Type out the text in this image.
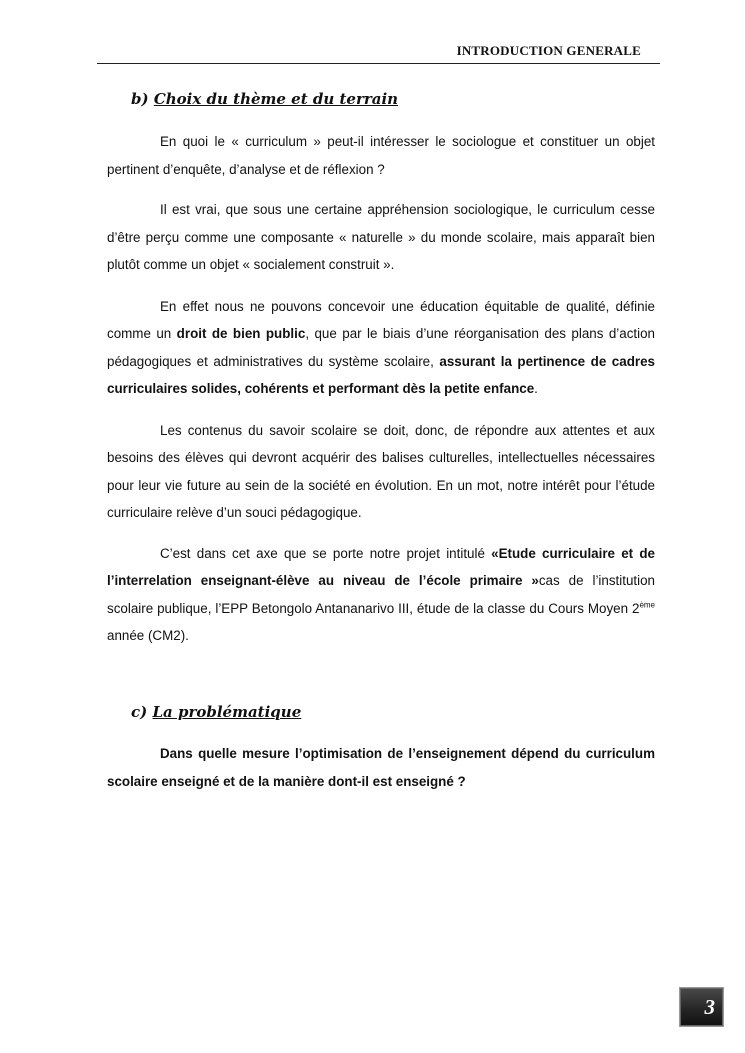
INTRODUCTION GENERALE
b) Choix du thème et du terrain

En quoi le « curriculum » peut-il intéresser le sociologue et constituer un objet pertinent d’enquête, d’analyse et de réflexion ?

Il est vrai, que sous une certaine appréhension sociologique, le curriculum cesse d’être perçu comme une composante « naturelle » du monde scolaire, mais apparaît bien plutôt comme un objet « socialement construit ».

En effet nous ne pouvons concevoir une éducation équitable de qualité, définie comme un droit de bien public, que par le biais d’une réorganisation des plans d’action pédagogiques et administratives du système scolaire, assurant la pertinence de cadres curriculaires solides, cohérents et performant dès la petite enfance.

Les contenus du savoir scolaire se doit, donc, de répondre aux attentes et aux besoins des élèves qui devront acquérir des balises culturelles, intellectuelles nécessaires pour leur vie future au sein de la société en évolution. En un mot, notre intérêt pour l’étude curriculaire relève d’un souci pédagogique.

C’est dans cet axe que se porte notre projet intitulé «Etude curriculaire et de l’interrelation enseignant-élève au niveau de l’école primaire »cas de l’institution scolaire publique, l’EPP Betongolo Antananarivo III, étude de la classe du Cours Moyen 2ème année (CM2).

c) La problématique

Dans quelle mesure l’optimisation de l’enseignement dépend du curriculum scolaire enseigné et de la manière dont-il est enseigné ?

3
